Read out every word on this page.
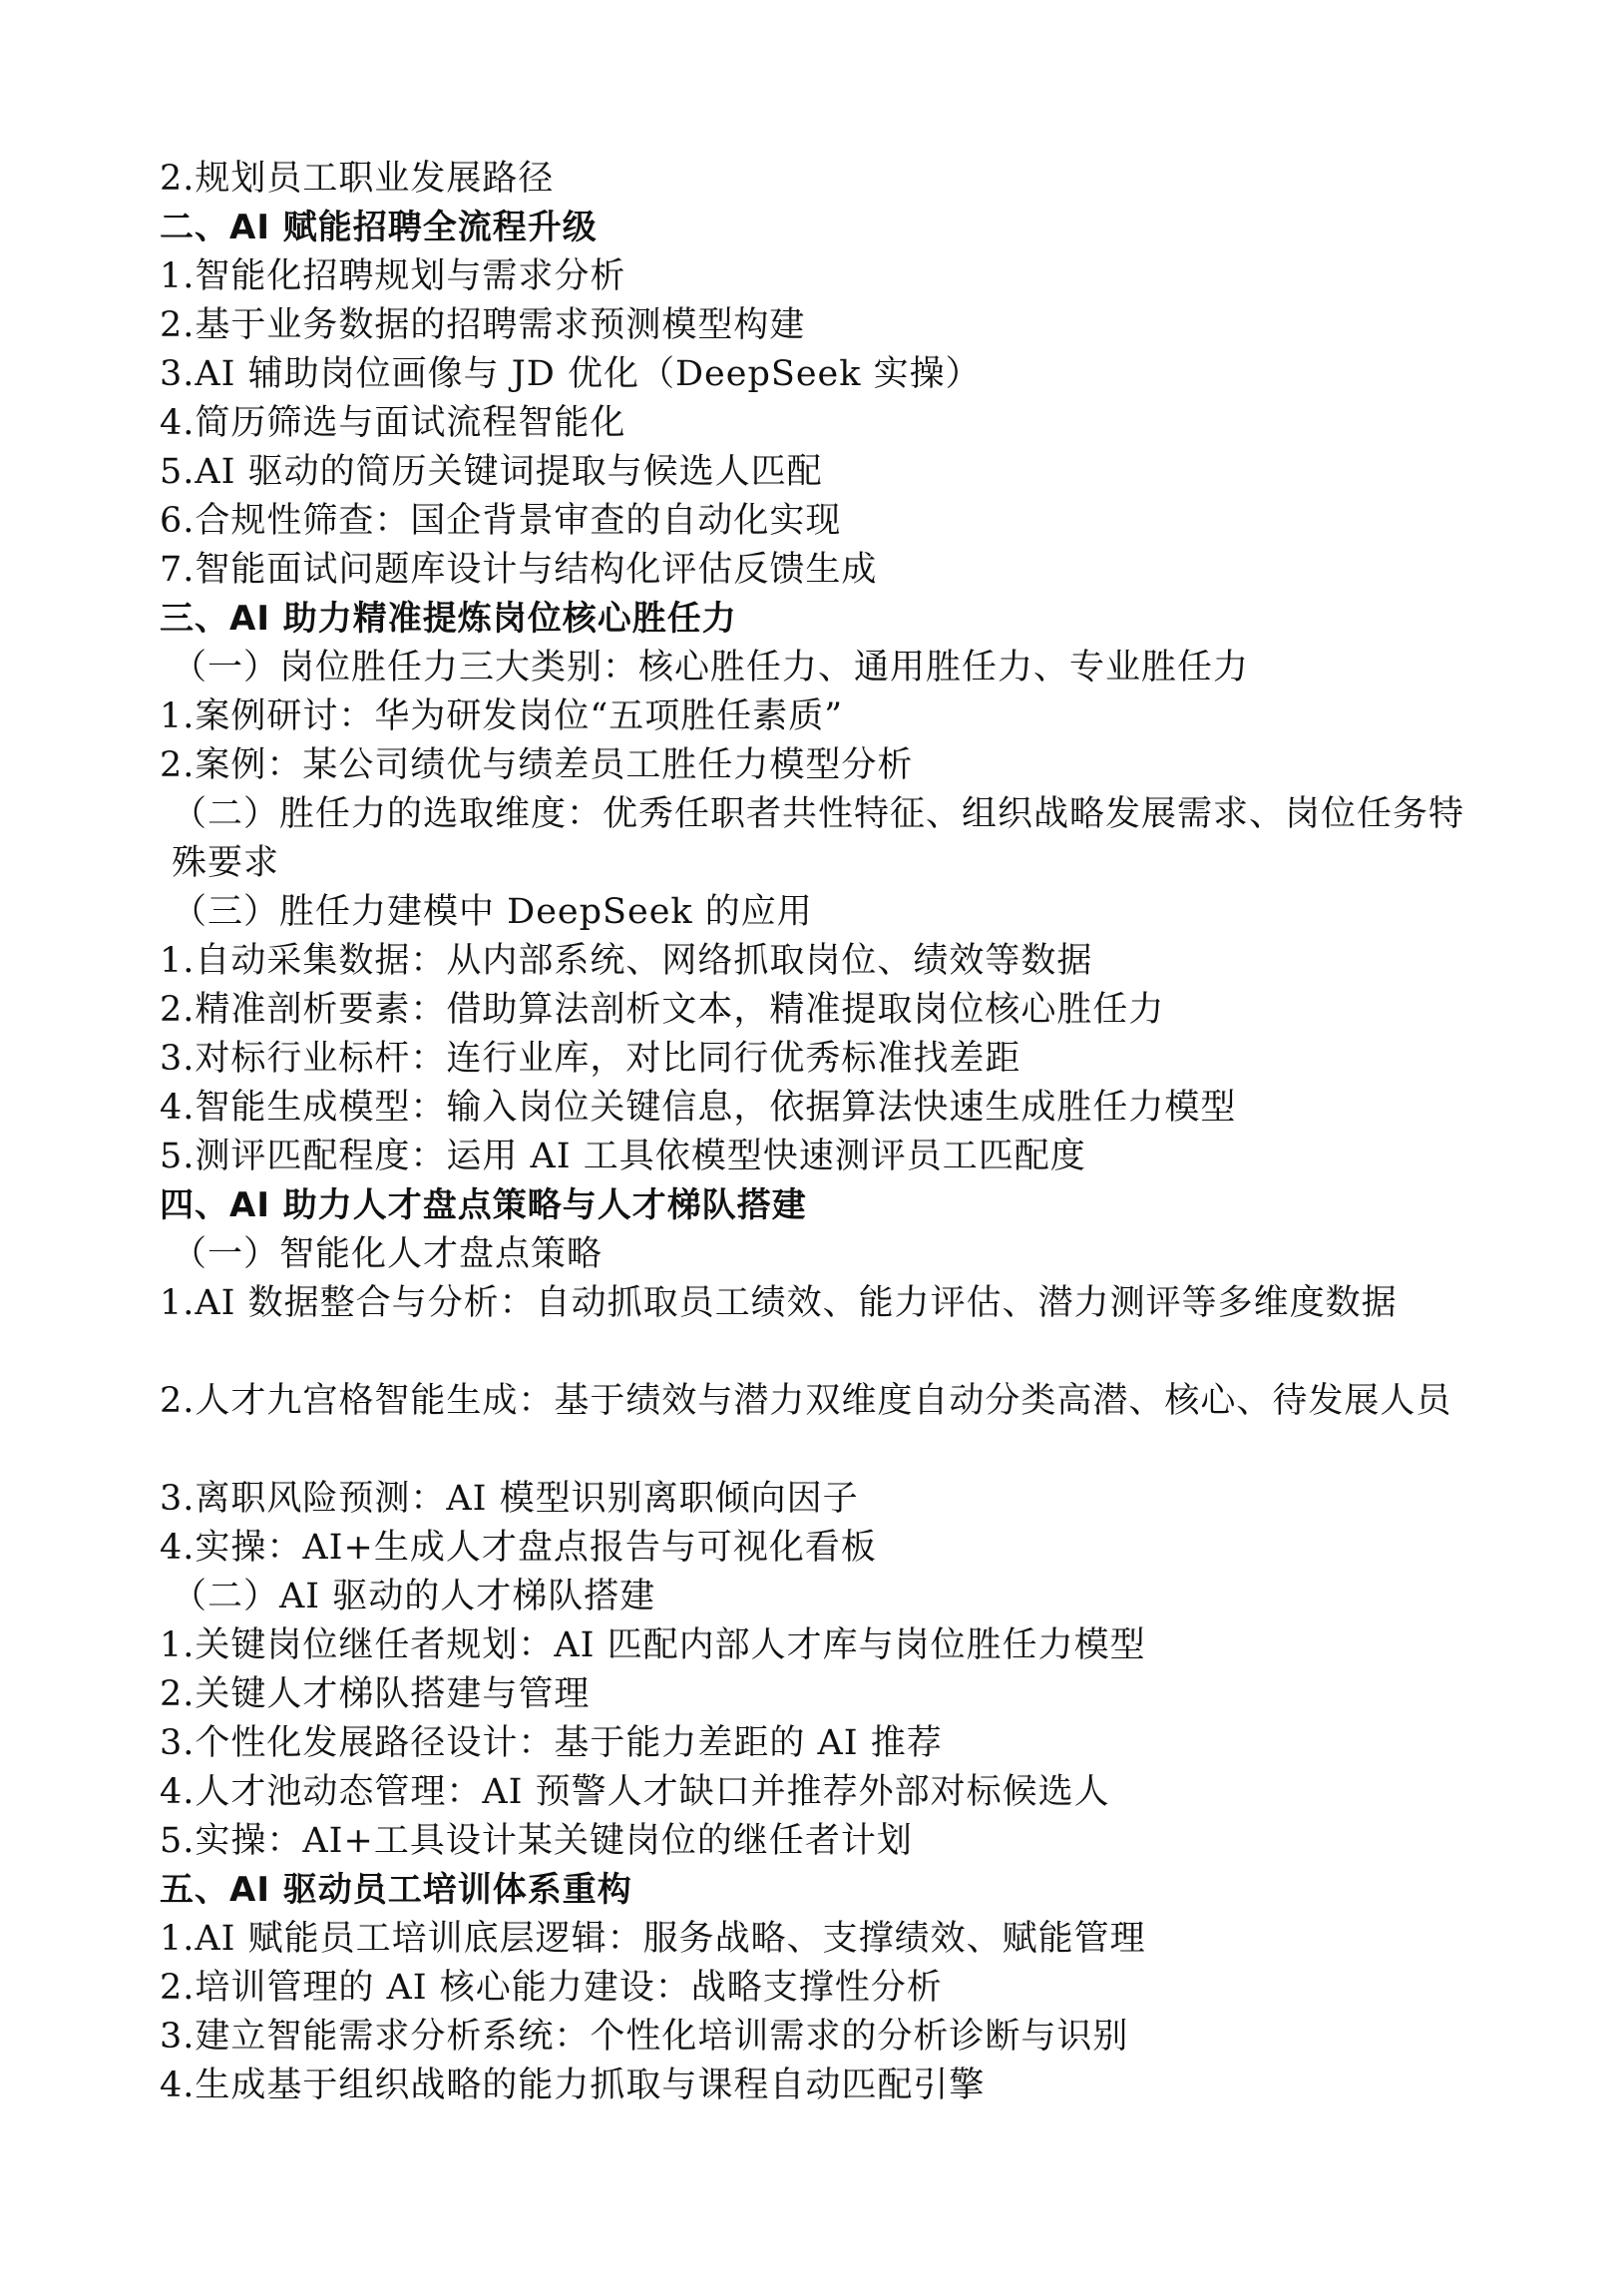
2.规划员工职业发展路径
二、AI 赋能招聘全流程升级
1.智能化招聘规划与需求分析
2.基于业务数据的招聘需求预测模型构建
3.AI 辅助岗位画像与 JD 优化（DeepSeek 实操）
4.简历筛选与面试流程智能化
5.AI 驱动的简历关键词提取与候选人匹配
6.合规性筛查：国企背景审查的自动化实现
7.智能面试问题库设计与结构化评估反馈生成
三、AI 助力精准提炼岗位核心胜任力
（一）岗位胜任力三大类别：核心胜任力、通用胜任力、专业胜任力
1.案例研讨：华为研发岗位“五项胜任素质”
2.案例：某公司绩优与绩差员工胜任力模型分析
（二）胜任力的选取维度：优秀任职者共性特征、组织战略发展需求、岗位任务特殊要求
（三）胜任力建模中 DeepSeek 的应用
1.自动采集数据：从内部系统、网络抓取岗位、绩效等数据
2.精准剖析要素：借助算法剖析文本，精准提取岗位核心胜任力
3.对标行业标杆：连行业库，对比同行优秀标准找差距
4.智能生成模型：输入岗位关键信息，依据算法快速生成胜任力模型
5.测评匹配程度：运用 AI 工具依模型快速测评员工匹配度
四、AI 助力人才盘点策略与人才梯队搭建
（一）智能化人才盘点策略
1.AI 数据整合与分析：自动抓取员工绩效、能力评估、潜力测评等多维度数据
2.人才九宫格智能生成：基于绩效与潜力双维度自动分类高潜、核心、待发展人员
3.离职风险预测：AI 模型识别离职倾向因子
4.实操：AI+生成人才盘点报告与可视化看板
（二）AI 驱动的人才梯队搭建
1.关键岗位继任者规划：AI 匹配内部人才库与岗位胜任力模型
2.关键人才梯队搭建与管理
3.个性化发展路径设计：基于能力差距的 AI 推荐
4.人才池动态管理：AI 预警人才缺口并推荐外部对标候选人
5.实操：AI+工具设计某关键岗位的继任者计划
五、AI 驱动员工培训体系重构
1.AI 赋能员工培训底层逻辑：服务战略、支撑绩效、赋能管理
2.培训管理的 AI 核心能力建设：战略支撑性分析
3.建立智能需求分析系统：个性化培训需求的分析诊断与识别
4.生成基于组织战略的能力抓取与课程自动匹配引擎
